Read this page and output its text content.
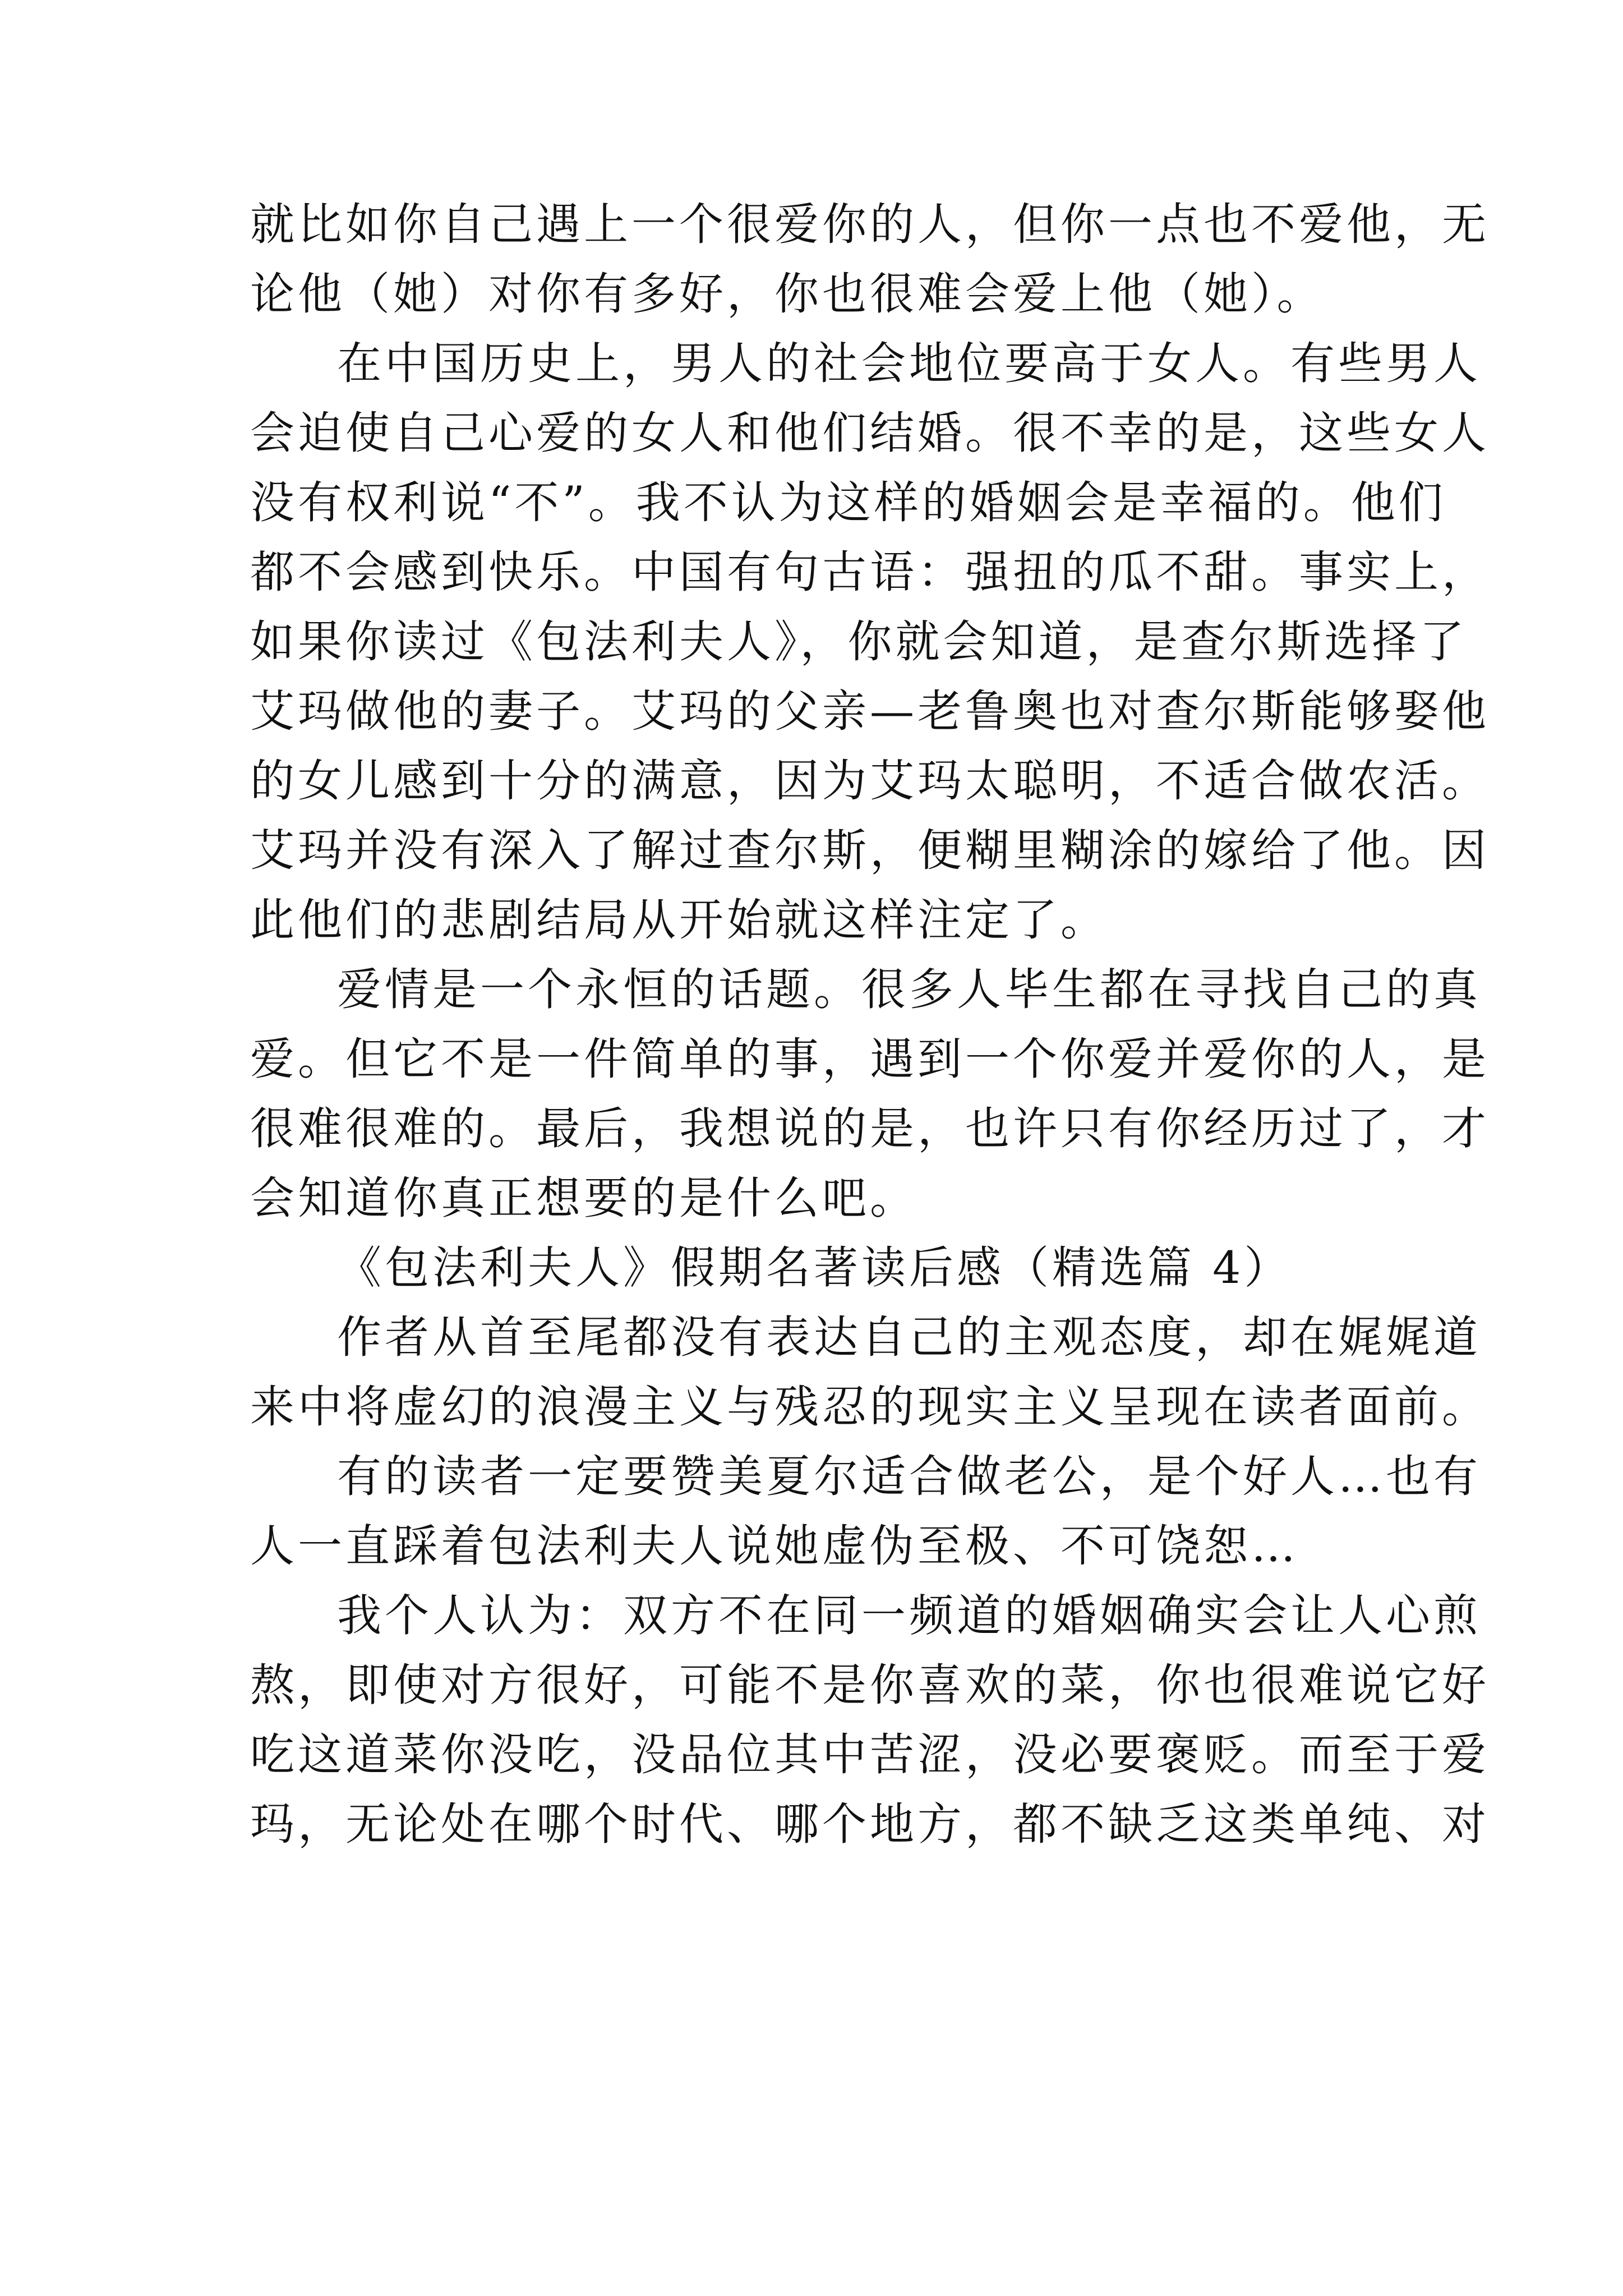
就比如你自己遇上一个很爱你的人，但你一点也不爱他，无
论他（她）对你有多好，你也很难会爱上他（她）。
在中国历史上，男人的社会地位要高于女人。有些男人
会迫使自己心爱的女人和他们结婚。很不幸的是，这些女人
没有权利说“不”。我不认为这样的婚姻会是幸福的。他们
都不会感到快乐。中国有句古语：强扭的瓜不甜。事实上，
如果你读过《包法利夫人》，你就会知道，是查尔斯选择了
艾玛做他的妻子。艾玛的父亲—老鲁奥也对查尔斯能够娶他
的女儿感到十分的满意，因为艾玛太聪明，不适合做农活。
艾玛并没有深入了解过查尔斯，便糊里糊涂的嫁给了他。因
此他们的悲剧结局从开始就这样注定了。
爱情是一个永恒的话题。很多人毕生都在寻找自己的真
爱。但它不是一件简单的事，遇到一个你爱并爱你的人，是
很难很难的。最后，我想说的是，也许只有你经历过了，才
会知道你真正想要的是什么吧。
《包法利夫人》假期名著读后感（精选篇 4）
作者从首至尾都没有表达自己的主观态度，却在娓娓道
来中将虚幻的浪漫主义与残忍的现实主义呈现在读者面前。
有的读者一定要赞美夏尔适合做老公，是个好人…也有
人一直踩着包法利夫人说她虚伪至极、不可饶恕…
我个人认为：双方不在同一频道的婚姻确实会让人心煎
熬，即使对方很好，可能不是你喜欢的菜，你也很难说它好
吃这道菜你没吃，没品位其中苦涩，没必要褒贬。而至于爱
玛，无论处在哪个时代、哪个地方，都不缺乏这类单纯、对
